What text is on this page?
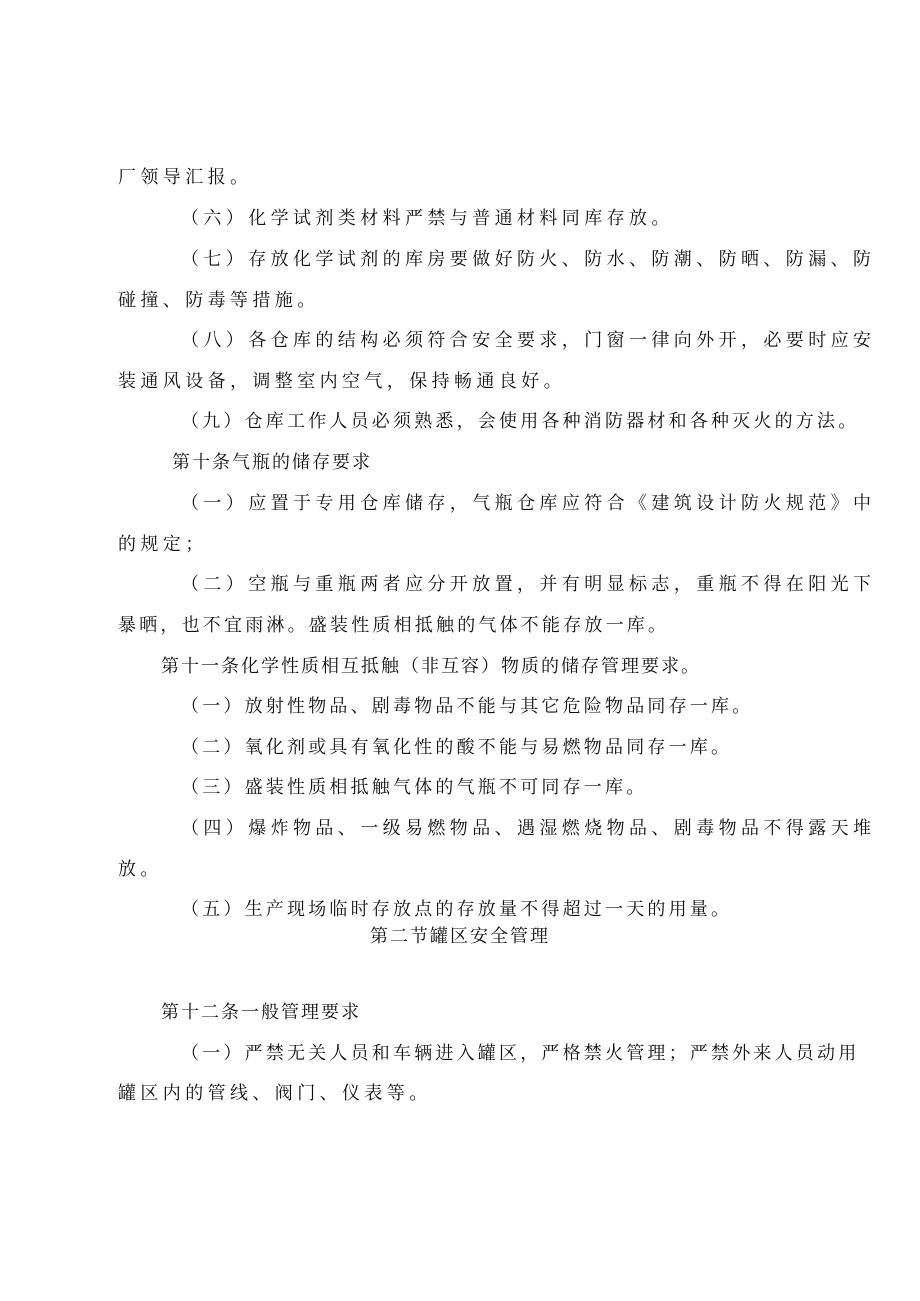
厂领导汇报。
（六）化学试剂类材料严禁与普通材料同库存放。
（七）存放化学试剂的库房要做好防火、防水、防潮、防晒、防漏、防
碰撞、防毒等措施。
（八）各仓库的结构必须符合安全要求，门窗一律向外开，必要时应安
装通风设备，调整室内空气，保持畅通良好。
（九）仓库工作人员必须熟悉，会使用各种消防器材和各种灭火的方法。
第十条气瓶的储存要求
（一）应置于专用仓库储存，气瓶仓库应符合《建筑设计防火规范》中
的规定；
（二）空瓶与重瓶两者应分开放置，并有明显标志，重瓶不得在阳光下
暴晒，也不宜雨淋。盛装性质相抵触的气体不能存放一库。
第十一条化学性质相互抵触（非互容）物质的储存管理要求。
（一）放射性物品、剧毒物品不能与其它危险物品同存一库。
（二）氧化剂或具有氧化性的酸不能与易燃物品同存一库。
（三）盛装性质相抵触气体的气瓶不可同存一库。
（四）爆炸物品、一级易燃物品、遇湿燃烧物品、剧毒物品不得露天堆
放。
（五）生产现场临时存放点的存放量不得超过一天的用量。
第二节罐区安全管理
第十二条一般管理要求
（一）严禁无关人员和车辆进入罐区，严格禁火管理；严禁外来人员动用
罐区内的管线、阀门、仪表等。
